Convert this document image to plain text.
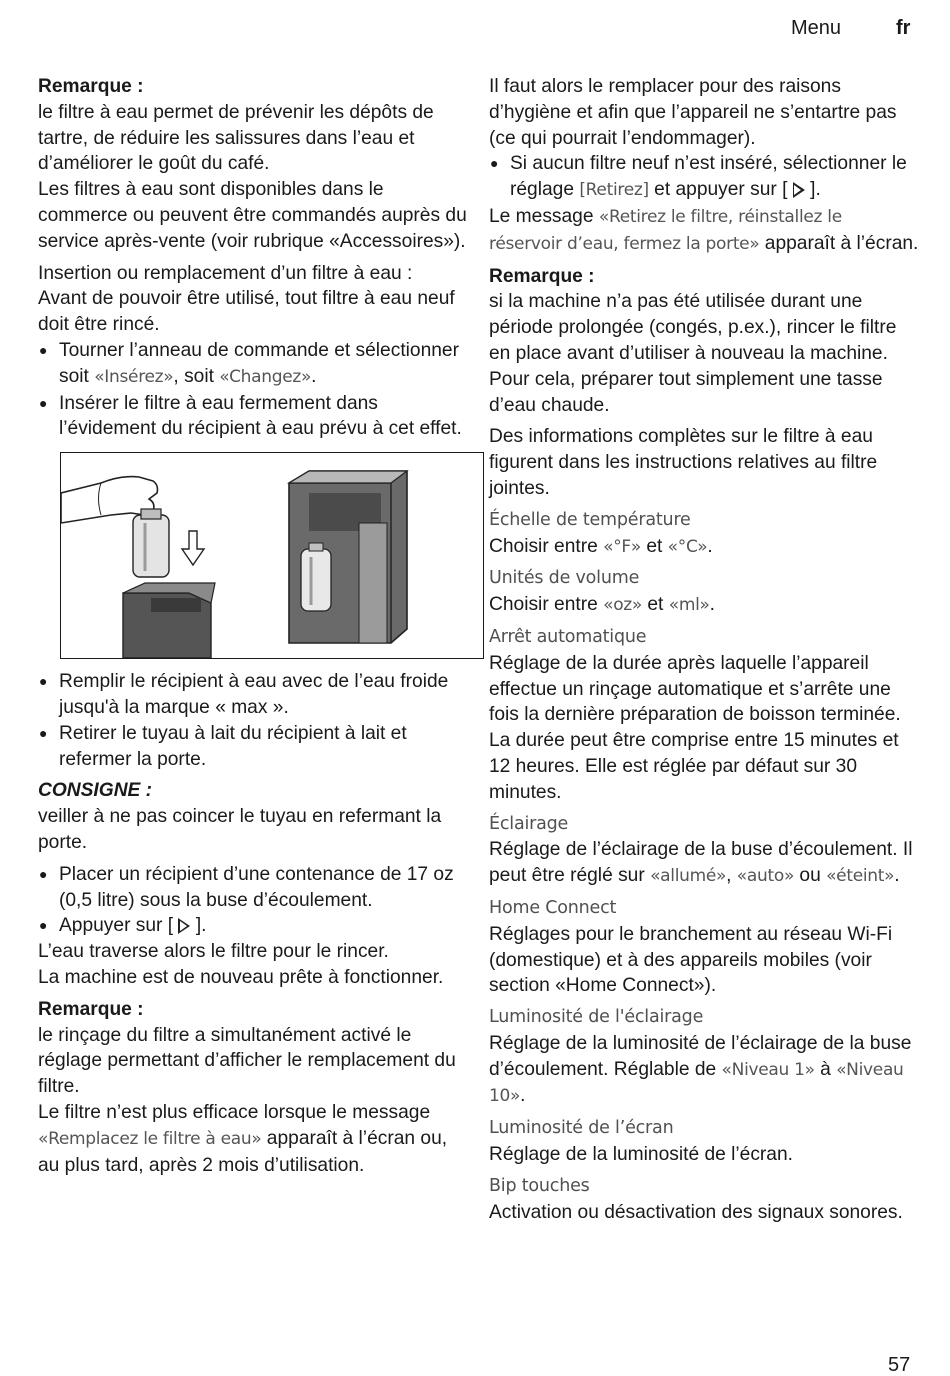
Menu	fr

Remarque :

le filtre à eau permet de prévenir les dépôts de tartre, de réduire les salissures dans l’eau et d’améliorer le goût du café.

Les filtres à eau sont disponibles dans le commerce ou peuvent être commandés auprès du service après-vente (voir rubrique «Accessoires»).

Insertion ou remplacement d’un filtre à eau :

Avant de pouvoir être utilisé, tout filtre à eau neuf doit être rincé.

● Tourner l’anneau de commande et sélectionner soit «Insérez», soit «Changez».
● Insérer le filtre à eau fermement dans l’évidement du récipient à eau prévu à cet effet.
● Remplir le récipient à eau avec de l’eau froide jusqu'à la marque « max ».
● Retirer le tuyau à lait du récipient à lait et refermer la porte.

CONSIGNE :

veiller à ne pas coincer le tuyau en refermant la porte.

● Placer un récipient d’une contenance de 17 oz (0,5 litre) sous la buse d’écoulement.
● Appuyer sur [ ].

L’eau traverse alors le filtre pour le rincer.

La machine est de nouveau prête à fonctionner.

Remarque :

le rinçage du filtre a simultanément activé le réglage permettant d’afficher le remplacement du filtre.

Le filtre n’est plus efficace lorsque le message «Remplacez le filtre à eau» apparaît à l’écran ou, au plus tard, après 2 mois d’utilisation.

Il faut alors le remplacer pour des raisons d’hygiène et afin que l’appareil ne s’entartre pas (ce qui pourrait l’endommager).

● Si aucun filtre neuf n’est inséré, sélectionner le réglage [Retirez] et appuyer sur [ ].

Le message «Retirez le filtre, réinstallez le réservoir d’eau, fermez la porte» apparaît à l’écran.

Remarque :

si la machine n’a pas été utilisée durant une période prolongée (congés, p.ex.), rincer le filtre en place avant d’utiliser à nouveau la machine. Pour cela, préparer tout simplement une tasse d’eau chaude.

Des informations complètes sur le filtre à eau figurent dans les instructions relatives au filtre jointes.

Échelle de température

Choisir entre «°F» et «°C».

Unités de volume

Choisir entre «oz» et «ml».

Arrêt automatique

Réglage de la durée après laquelle l’appareil effectue un rinçage automatique et s’arrête une fois la dernière préparation de boisson terminée. La durée peut être comprise entre 15 minutes et 12 heures. Elle est réglée par défaut sur 30 minutes.

Éclairage

Réglage de l’éclairage de la buse d’écoulement. Il peut être réglé sur «allumé», «auto» ou «éteint».

Home Connect

Réglages pour le branchement au réseau Wi-Fi (domestique) et à des appareils mobiles (voir section «Home Connect»).

Luminosité de l'éclairage

Réglage de la luminosité de l’éclairage de la buse d’écoulement. Réglable de «Niveau 1» à «Niveau 10».

Luminosité de l’écran

Réglage de la luminosité de l’écran.

Bip touches

Activation ou désactivation des signaux sonores.

57
